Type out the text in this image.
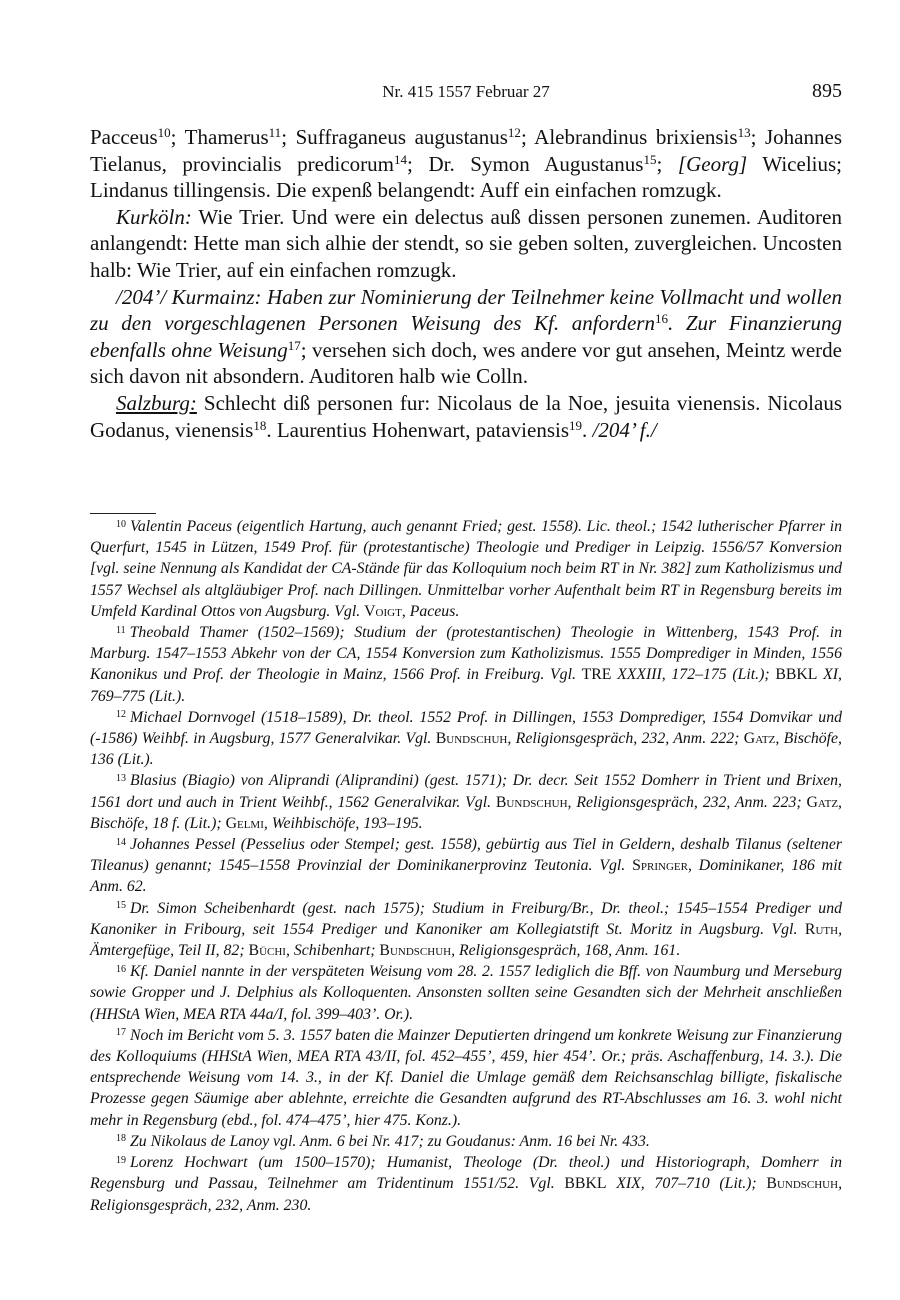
Nr. 415 1557 Februar 27	895

Pacceus$^{10}$; Thamerus$^{11}$; Suffraganeus augustanus$^{12}$; Alebrandinus brixiensis$^{13}$; Johannes Tielanus, provincialis predicorum$^{14}$; Dr. Symon Augustanus$^{15}$; [Georg] Wicelius; Lindanus tillingensis. Die expenß belangendt: Auff ein einfachen romzugk.

Kurköln: Wie Trier. Und were ein delectus auß dissen personen zunemen. Auditoren anlangendt: Hette man sich alhie der stendt, so sie geben solten, zuvergleichen. Uncosten halb: Wie Trier, auf ein einfachen romzugk.

/204’/ Kurmainz: Haben zur Nominierung der Teilnehmer keine Vollmacht und wollen zu den vorgeschlagenen Personen Weisung des Kf. anfordern$^{16}$. Zur Finanzierung ebenfalls ohne Weisung$^{17}$; versehen sich doch, wes andere vor gut ansehen, Meintz werde sich davon nit absondern. Auditoren halb wie Colln.

Salzburg: Schlecht diß personen fur: Nicolaus de la Noe, jesuita vienensis. Nicolaus Godanus, vienensis$^{18}$. Laurentius Hohenwart, pataviensis$^{19}$. /204’ f./

$^{10}$ Valentin Paceus (eigentlich Hartung, auch genannt Fried; gest. 1558). Lic. theol.; 1542 lutherischer Pfarrer in Querfurt, 1545 in Lützen, 1549 Prof. für (protestantische) Theologie und Prediger in Leipzig. 1556/57 Konversion [vgl. seine Nennung als Kandidat der CA-Stände für das Kolloquium noch beim RT in Nr. 382] zum Katholizismus und 1557 Wechsel als altgläubiger Prof. nach Dillingen. Unmittelbar vorher Aufenthalt beim RT in Regensburg bereits im Umfeld Kardinal Ottos von Augsburg. Vgl. Voigt, Paceus.

$^{11}$ Theobald Thamer (1502–1569); Studium der (protestantischen) Theologie in Wittenberg, 1543 Prof. in Marburg. 1547–1553 Abkehr von der CA, 1554 Konversion zum Katholizismus. 1555 Domprediger in Minden, 1556 Kanonikus und Prof. der Theologie in Mainz, 1566 Prof. in Freiburg. Vgl. TRE XXXIII, 172–175 (Lit.); BBKL XI, 769–775 (Lit.).

$^{12}$ Michael Dornvogel (1518–1589), Dr. theol. 1552 Prof. in Dillingen, 1553 Domprediger, 1554 Domvikar und (-1586) Weihbf. in Augsburg, 1577 Generalvikar. Vgl. Bundschuh, Religionsgespräch, 232, Anm. 222; Gatz, Bischöfe, 136 (Lit.).

$^{13}$ Blasius (Biagio) von Aliprandi (Aliprandini) (gest. 1571); Dr. decr. Seit 1552 Domherr in Trient und Brixen, 1561 dort und auch in Trient Weihbf., 1562 Generalvikar. Vgl. Bundschuh, Religionsgespräch, 232, Anm. 223; Gatz, Bischöfe, 18 f. (Lit.); Gelmi, Weihbischöfe, 193–195.

$^{14}$ Johannes Pessel (Pesselius oder Stempel; gest. 1558), gebürtig aus Tiel in Geldern, deshalb Tilanus (seltener Tileanus) genannt; 1545–1558 Provinzial der Dominikanerprovinz Teutonia. Vgl. Springer, Dominikaner, 186 mit Anm. 62.

$^{15}$ Dr. Simon Scheibenhardt (gest. nach 1575); Studium in Freiburg/Br., Dr. theol.; 1545–1554 Prediger und Kanoniker in Fribourg, seit 1554 Prediger und Kanoniker am Kollegiatstift St. Moritz in Augsburg. Vgl. Ruth, Ämtergefüge, Teil II, 82; Büchi, Schibenhart; Bundschuh, Religionsgespräch, 168, Anm. 161.

$^{16}$ Kf. Daniel nannte in der verspäteten Weisung vom 28. 2. 1557 lediglich die Bff. von Naumburg und Merseburg sowie Gropper und J. Delphius als Kolloquenten. Ansonsten sollten seine Gesandten sich der Mehrheit anschließen (HHStA Wien, MEA RTA 44a/I, fol. 399–403’. Or.).

$^{17}$ Noch im Bericht vom 5. 3. 1557 baten die Mainzer Deputierten dringend um konkrete Weisung zur Finanzierung des Kolloquiums (HHStA Wien, MEA RTA 43/II, fol. 452–455’, 459, hier 454’. Or.; präs. Aschaffenburg, 14. 3.). Die entsprechende Weisung vom 14. 3., in der Kf. Daniel die Umlage gemäß dem Reichsanschlag billigte, fiskalische Prozesse gegen Säumige aber ablehnte, erreichte die Gesandten aufgrund des RT-Abschlusses am 16. 3. wohl nicht mehr in Regensburg (ebd., fol. 474–475’, hier 475. Konz.).

$^{18}$ Zu Nikolaus de Lanoy vgl. Anm. 6 bei Nr. 417; zu Goudanus: Anm. 16 bei Nr. 433.

$^{19}$ Lorenz Hochwart (um 1500–1570); Humanist, Theologe (Dr. theol.) und Historiograph, Domherr in Regensburg und Passau, Teilnehmer am Tridentinum 1551/52. Vgl. BBKL XIX, 707–710 (Lit.); Bundschuh, Religionsgespräch, 232, Anm. 230.
